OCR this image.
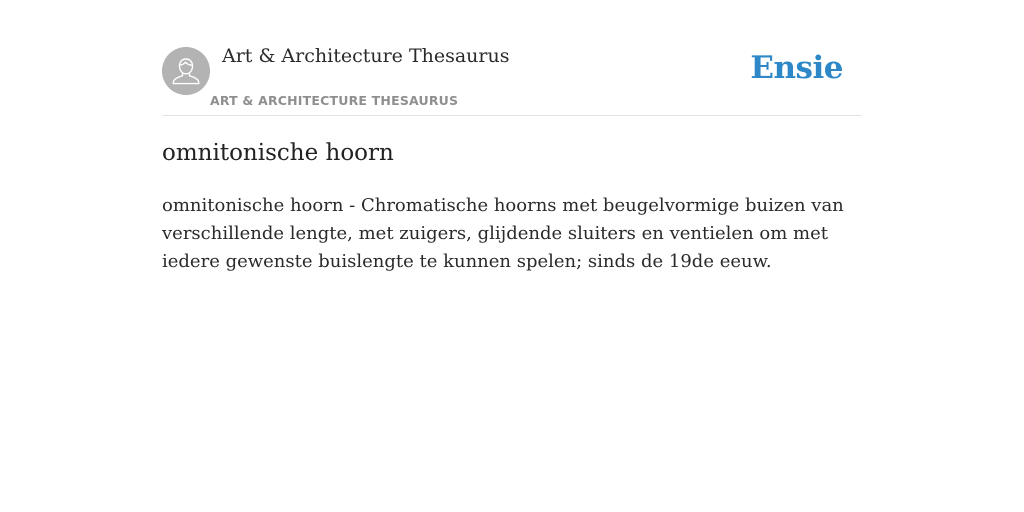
Art & Architecture Thesaurus
ART & ARCHITECTURE THESAURUS
Ensie
omnitonische hoorn

omnitonische hoorn - Chromatische hoorns met beugelvormige buizen van verschillende lengte, met zuigers, glijdende sluiters en ventielen om met iedere gewenste buislengte te kunnen spelen; sinds de 19de eeuw.
